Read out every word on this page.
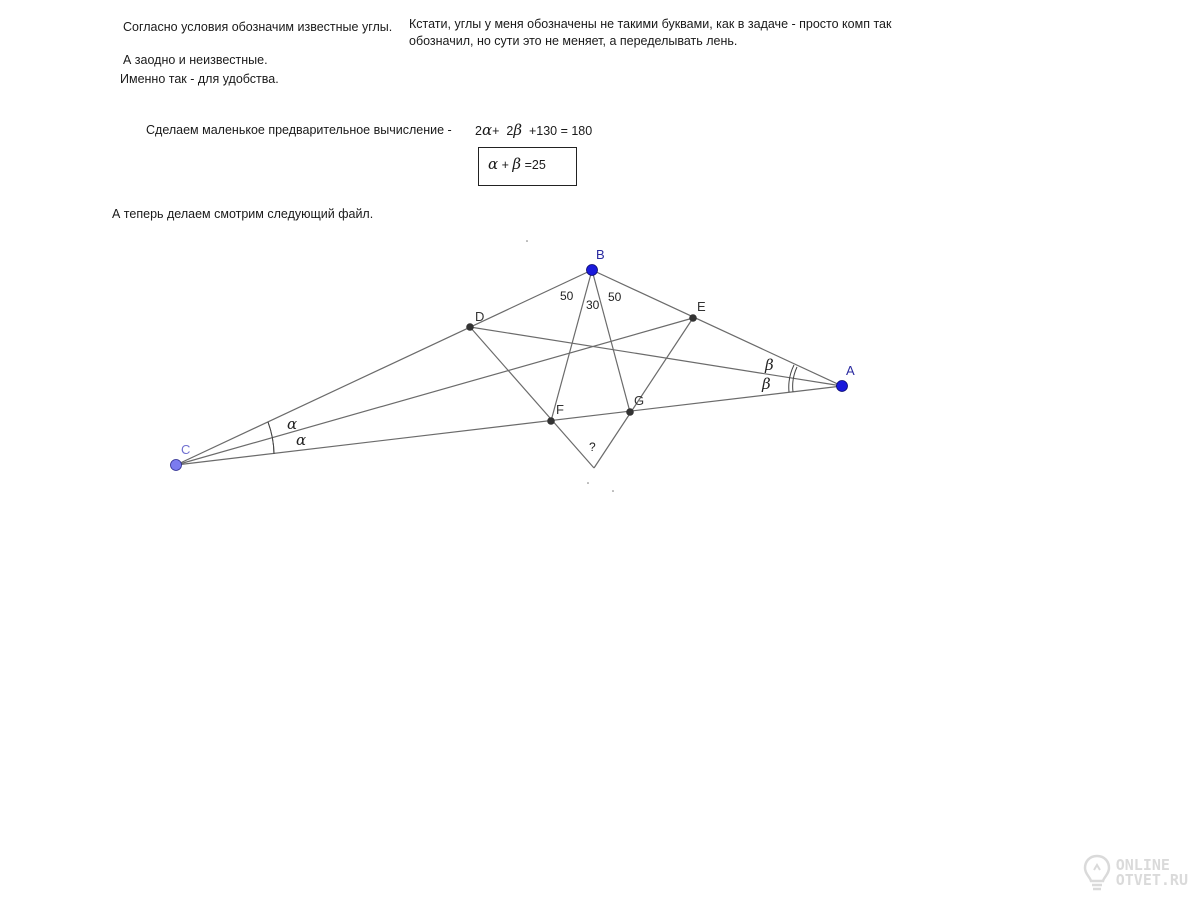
Согласно условия обозначим известные углы.
А заодно и неизвестные.
Именно так - для удобства.
Кстати, углы у меня обозначены не такими буквами, как в задаче - просто комп так
обозначил, но сути это не меняет, а переделывать лень.
Сделаем маленькое предварительное вычисление - 2α+ 2β +130 = 180
α + β =25
А теперь делаем смотрим следующий файл.
B
A
C
D
E
F
G
50
30
50
?
α
α
β
β
ONLINE
OTVET.RU
